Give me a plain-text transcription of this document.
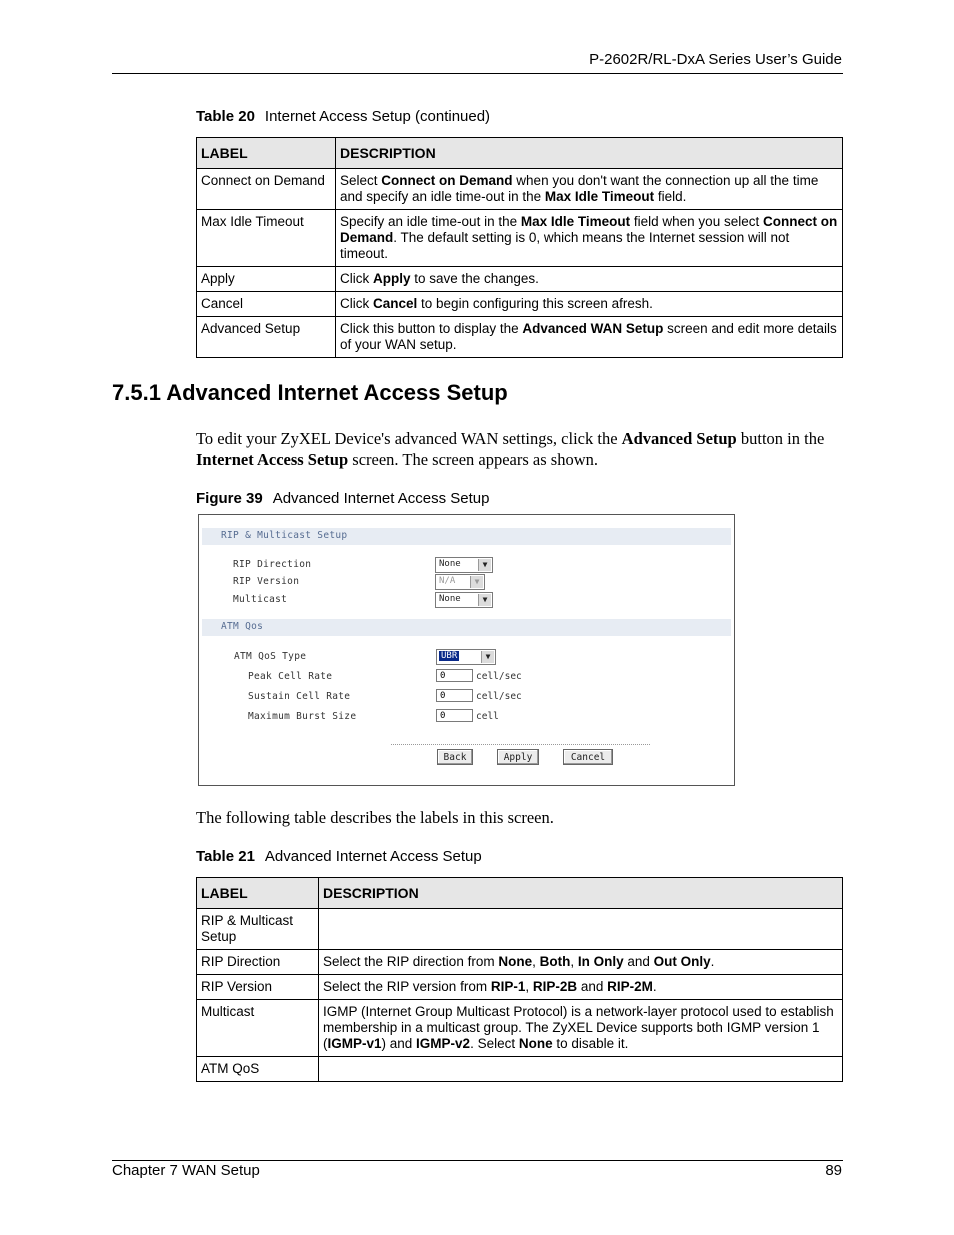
P-2602R/RL-DxA Series User’s Guide
Table 20 Internet Access Setup (continued)
LABEL	DESCRIPTION
Connect on Demand	Select Connect on Demand when you don't want the connection up all the time and specify an idle time-out in the Max Idle Timeout field.
Max Idle Timeout	Specify an idle time-out in the Max Idle Timeout field when you select Connect on Demand. The default setting is 0, which means the Internet session will not timeout.
Apply	Click Apply to save the changes.
Cancel	Click Cancel to begin configuring this screen afresh.
Advanced Setup	Click this button to display the Advanced WAN Setup screen and edit more details of your WAN setup.
7.5.1 Advanced Internet Access Setup
To edit your ZyXEL Device's advanced WAN settings, click the Advanced Setup button in the Internet Access Setup screen. The screen appears as shown.
Figure 39 Advanced Internet Access Setup
RIP & Multicast Setup
RIP Direction	None	▼
RIP Version	N/A	▼
Multicast	None	▼
ATM Qos
ATM QoS Type	UBR	▼
Peak Cell Rate	0	cell/sec
Sustain Cell Rate	0	cell/sec
Maximum Burst Size	0	cell
Back	Apply	Cancel
The following table describes the labels in this screen.
Table 21 Advanced Internet Access Setup
LABEL	DESCRIPTION
RIP & Multicast Setup	
RIP Direction	Select the RIP direction from None, Both, In Only and Out Only.
RIP Version	Select the RIP version from RIP-1, RIP-2B and RIP-2M.
Multicast	IGMP (Internet Group Multicast Protocol) is a network-layer protocol used to establish membership in a multicast group. The ZyXEL Device supports both IGMP version 1 (IGMP-v1) and IGMP-v2. Select None to disable it.
ATM QoS	
Chapter 7 WAN Setup	89
